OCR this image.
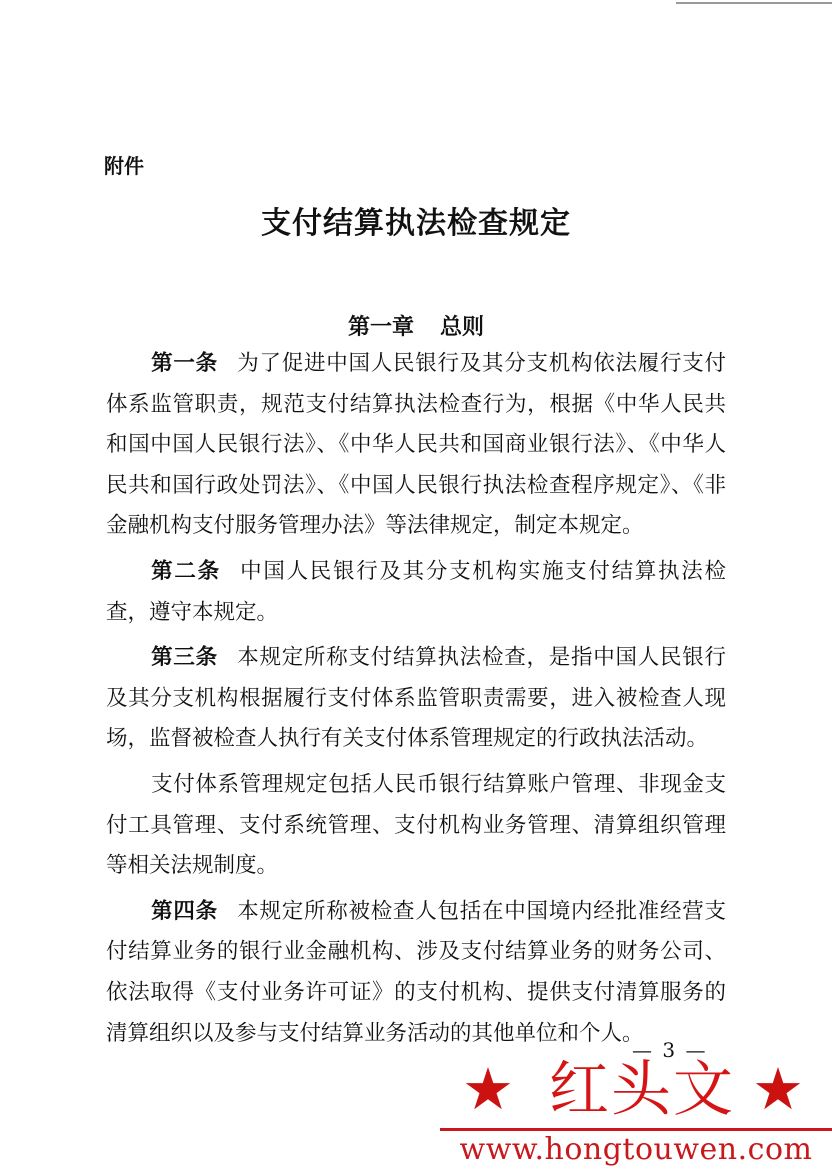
附件
支付结算执法检查规定
第一章 总则

第一条 为了促进中国人民银行及其分支机构依法履行支付体系监管职责，规范支付结算执法检查行为，根据《中华人民共和国中国人民银行法》、《中华人民共和国商业银行法》、《中华人民共和国行政处罚法》、《中国人民银行执法检查程序规定》、《非金融机构支付服务管理办法》等法律规定，制定本规定。

第二条 中国人民银行及其分支机构实施支付结算执法检查，遵守本规定。

第三条 本规定所称支付结算执法检查，是指中国人民银行及其分支机构根据履行支付体系监管职责需要，进入被检查人现场，监督被检查人执行有关支付体系管理规定的行政执法活动。

支付体系管理规定包括人民币银行结算账户管理、非现金支付工具管理、支付系统管理、支付机构业务管理、清算组织管理等相关法规制度。

第四条 本规定所称被检查人包括在中国境内经批准经营支付结算业务的银行业金融机构、涉及支付结算业务的财务公司、依法取得《支付业务许可证》的支付机构、提供支付清算服务的清算组织以及参与支付结算业务活动的其他单位和个人。

— 3 —
★ 红头文 ★
www.hongtouwen.com
